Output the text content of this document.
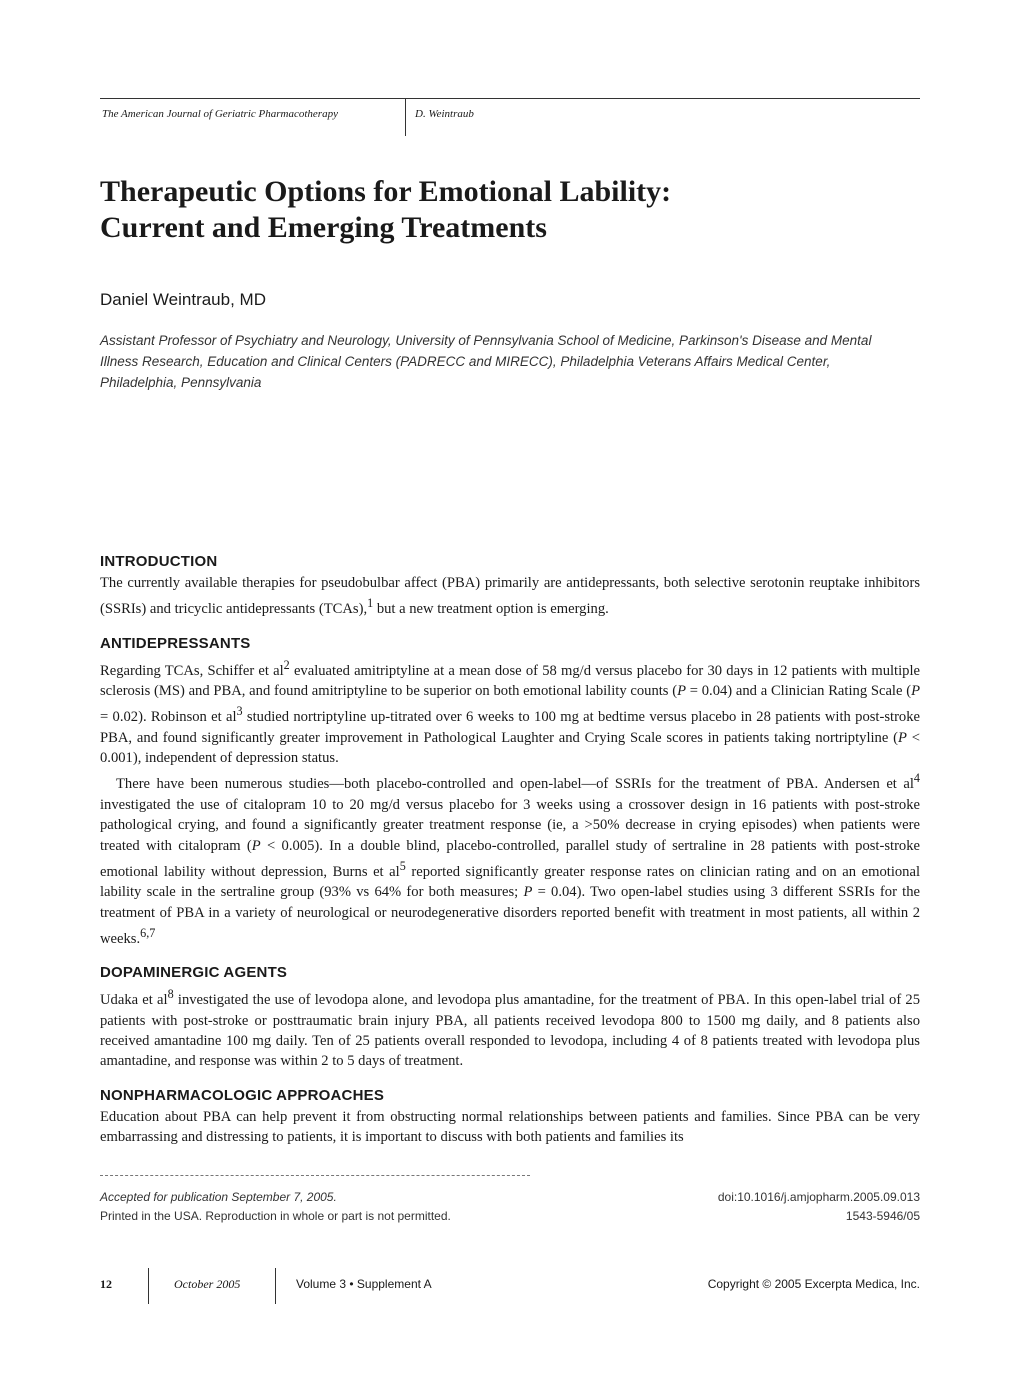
The American Journal of Geriatric Pharmacotherapy	D. Weintraub
Therapeutic Options for Emotional Lability:
Current and Emerging Treatments
Daniel Weintraub, MD
Assistant Professor of Psychiatry and Neurology, University of Pennsylvania School of Medicine, Parkinson's Disease and Mental Illness Research, Education and Clinical Centers (PADRECC and MIRECC), Philadelphia Veterans Affairs Medical Center, Philadelphia, Pennsylvania
INTRODUCTION

The currently available therapies for pseudobulbar affect (PBA) primarily are antidepressants, both selective serotonin reuptake inhibitors (SSRIs) and tricyclic antidepressants (TCAs),$^1$ but a new treatment option is emerging.

ANTIDEPRESSANTS

Regarding TCAs, Schiffer et $al^2$ evaluated amitriptyline at a mean dose of 58 mg/d versus placebo for 30 days in 12 patients with multiple sclerosis (MS) and PBA, and found amitriptyline to be superior on both emotional lability counts (P = 0.04) and a Clinician Rating Scale (P = 0.02). Robinson et $al^3$ studied nortriptyline up-titrated over 6 weeks to 100 mg at bedtime versus placebo in 28 patients with post-stroke PBA, and found significantly greater improvement in Pathological Laughter and Crying Scale scores in patients taking nortriptyline (P < 0.001), independent of depression status.

There have been numerous studies—both placebo-controlled and open-label—of SSRIs for the treatment of PBA. Andersen et $al^4$ investigated the use of citalopram 10 to 20 mg/d versus placebo for 3 weeks using a crossover design in 16 patients with post-stroke pathological crying, and found a significantly greater treatment response (ie, a >50% decrease in crying episodes) when patients were treated with citalopram (P < 0.005). In a double blind, placebo-controlled, parallel study of sertraline in 28 patients with post-stroke emotional lability without depression, Burns et $al^5$ reported significantly greater response rates on clinician rating and on an emotional lability scale in the sertraline group (93% vs 64% for both measures; P = 0.04). Two open-label studies using 3 different SSRIs for the treatment of PBA in a variety of neurological or neurodegenerative disorders reported benefit with treatment in most patients, all within 2 weeks.$^{6,7}$

DOPAMINERGIC AGENTS

Udaka et $al^8$ investigated the use of levodopa alone, and levodopa plus amantadine, for the treatment of PBA. In this open-label trial of 25 patients with post-stroke or posttraumatic brain injury PBA, all patients received levodopa 800 to 1500 mg daily, and 8 patients also received amantadine 100 mg daily. Ten of 25 patients overall responded to levodopa, including 4 of 8 patients treated with levodopa plus amantadine, and response was within 2 to 5 days of treatment.

NONPHARMACOLOGIC APPROACHES

Education about PBA can help prevent it from obstructing normal relationships between patients and families. Since PBA can be very embarrassing and distressing to patients, it is important to discuss with both patients and families its

Accepted for publication September 7, 2005.
Printed in the USA. Reproduction in whole or part is not permitted.
doi:10.1016/j.amjopharm.2005.09.013
1543-5946/05
12	October 2005	Volume 3 • Supplement A	Copyright © 2005 Excerpta Medica, Inc.
